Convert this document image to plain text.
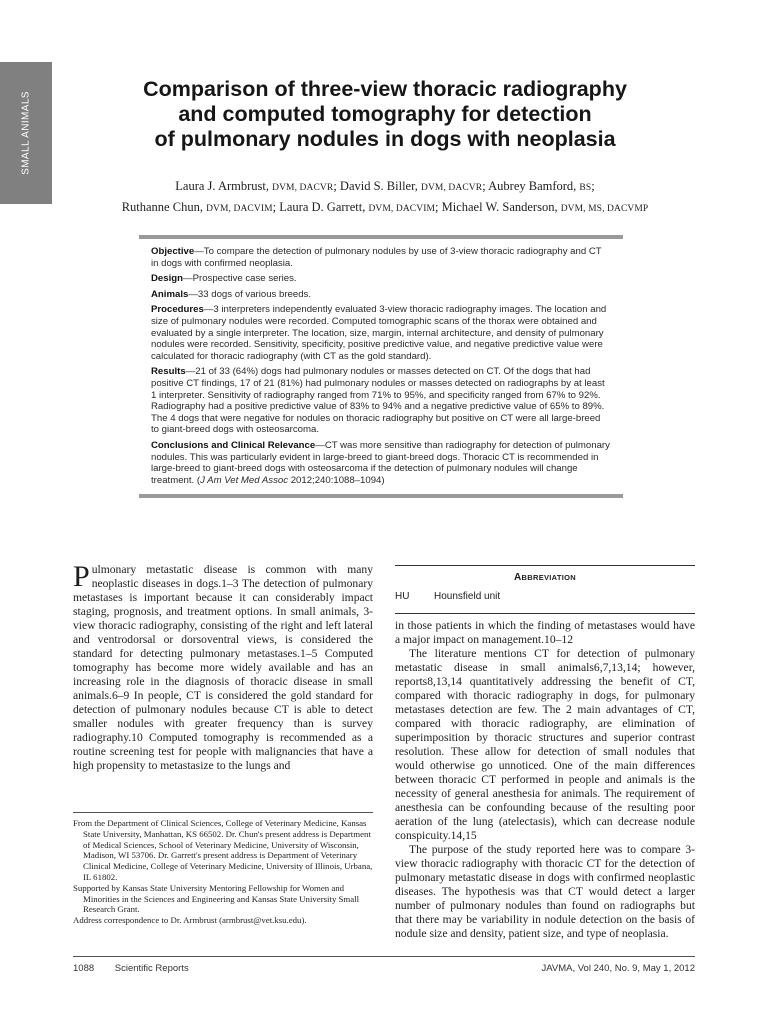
SMALL ANIMALS
Comparison of three-view thoracic radiography
and computed tomography for detection
of pulmonary nodules in dogs with neoplasia
Laura J. Armbrust, DVM, DACVR; David S. Biller, DVM, DACVR; Aubrey Bamford, BS;
Ruthanne Chun, DVM, DACVIM; Laura D. Garrett, DVM, DACVIM; Michael W. Sanderson, DVM, MS, DACVMP

Objective—To compare the detection of pulmonary nodules by use of 3-view thoracic radiography and CT in dogs with confirmed neoplasia.

Design—Prospective case series.

Animals—33 dogs of various breeds.

Procedures—3 interpreters independently evaluated 3-view thoracic radiography images. The location and size of pulmonary nodules were recorded. Computed tomographic scans of the thorax were obtained and evaluated by a single interpreter. The location, size, margin, internal architecture, and density of pulmonary nodules were recorded. Sensitivity, specificity, positive predictive value, and negative predictive value were calculated for thoracic radiography (with CT as the gold standard).

Results—21 of 33 (64%) dogs had pulmonary nodules or masses detected on CT. Of the dogs that had positive CT findings, 17 of 21 (81%) had pulmonary nodules or masses detected on radiographs by at least 1 interpreter. Sensitivity of radiography ranged from 71% to 95%, and specificity ranged from 67% to 92%. Radiography had a positive predictive value of 83% to 94% and a negative predictive value of 65% to 89%. The 4 dogs that were negative for nodules on thoracic radiography but positive on CT were all large-breed to giant-breed dogs with osteosarcoma.

Conclusions and Clinical Relevance—CT was more sensitive than radiography for detection of pulmonary nodules. This was particularly evident in large-breed to giant-breed dogs. Thoracic CT is recommended in large-breed to giant-breed dogs with osteosarcoma if the detection of pulmonary nodules will change treatment. (J Am Vet Med Assoc 2012;240:1088–1094)

Pulmonary metastatic disease is common with many neoplastic diseases in dogs.1–3 The detection of pulmonary metastases is important because it can considerably impact staging, prognosis, and treatment options. In small animals, 3-view thoracic radiography, consisting of the right and left lateral and ventrodorsal or dorsoventral views, is considered the standard for detecting pulmonary metastases.1–5 Computed tomography has become more widely available and has an increasing role in the diagnosis of thoracic disease in small animals.6–9 In people, CT is considered the gold standard for detection of pulmonary nodules because CT is able to detect smaller nodules with greater frequency than is survey radiography.10 Computed tomography is recommended as a routine screening test for people with malignancies that have a high propensity to metastasize to the lungs and

From the Department of Clinical Sciences, College of Veterinary Medicine, Kansas State University, Manhattan, KS 66502. Dr. Chun's present address is Department of Medical Sciences, School of Veterinary Medicine, University of Wisconsin, Madison, WI 53706. Dr. Garrett's present address is Department of Veterinary Clinical Medicine, College of Veterinary Medicine, University of Illinois, Urbana, IL 61802.

Supported by Kansas State University Mentoring Fellowship for Women and Minorities in the Sciences and Engineering and Kansas State University Small Research Grant.

Address correspondence to Dr. Armbrust (armbrust@vet.ksu.edu).

ABBREVIATION
HU Hounsfield unit

in those patients in which the finding of metastases would have a major impact on management.10–12

The literature mentions CT for detection of pulmonary metastatic disease in small animals6,7,13,14; however, reports8,13,14 quantitatively addressing the benefit of CT, compared with thoracic radiography in dogs, for pulmonary metastases detection are few. The 2 main advantages of CT, compared with thoracic radiography, are elimination of superimposition by thoracic structures and superior contrast resolution. These allow for detection of small nodules that would otherwise go unnoticed. One of the main differences between thoracic CT performed in people and animals is the necessity of general anesthesia for animals. The requirement of anesthesia can be confounding because of the resulting poor aeration of the lung (atelectasis), which can decrease nodule conspicuity.14,15

The purpose of the study reported here was to compare 3-view thoracic radiography with thoracic CT for the detection of pulmonary metastatic disease in dogs with confirmed neoplastic diseases. The hypothesis was that CT would detect a larger number of pulmonary nodules than found on radiographs but that there may be variability in nodule detection on the basis of nodule size and density, patient size, and type of neoplasia.

1088 Scientific Reports	JAVMA, Vol 240, No. 9, May 1, 2012
